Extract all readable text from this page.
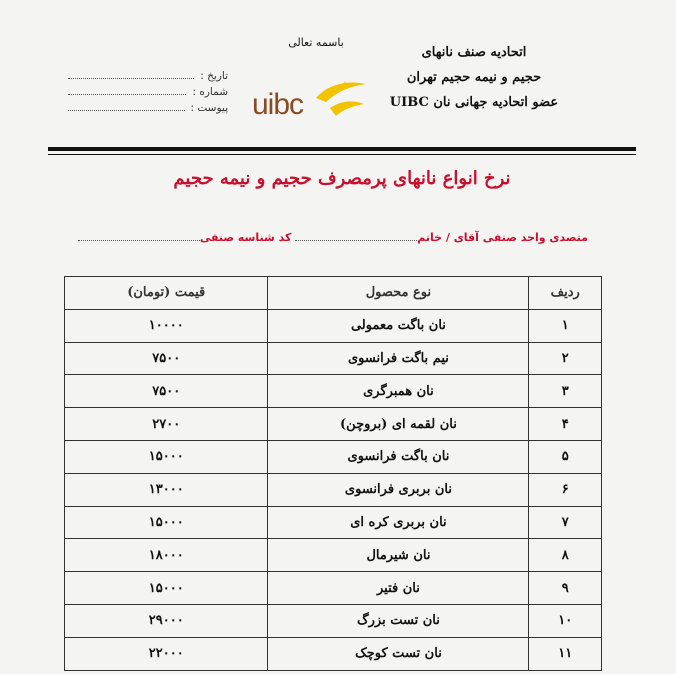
اتحادیه صنف نانهای
حجیم و نیمه حجیم تهران
عضو اتحادیه جهانی نان UIBC
باسمه تعالی
uibc
تاریخ :
شماره :
پیوست :
نرخ انواع نانهای پرمصرف حجیم و نیمه حجیم
متصدی واحد صنفی آقای / خانم
کد شناسه صنفی
ردیف	نوع محصول	قیمت (تومان)
۱	نان باگت معمولی	۱۰۰۰۰
۲	نیم باگت فرانسوی	۷۵۰۰
۳	نان همبرگری	۷۵۰۰
۴	نان لقمه ای (بروچن)	۲۷۰۰
۵	نان باگت فرانسوی	۱۵۰۰۰
۶	نان بربری فرانسوی	۱۳۰۰۰
۷	نان بربری کره ای	۱۵۰۰۰
۸	نان شیرمال	۱۸۰۰۰
۹	نان فتیر	۱۵۰۰۰
۱۰	نان تست بزرگ	۲۹۰۰۰
۱۱	نان تست کوچک	۲۲۰۰۰
